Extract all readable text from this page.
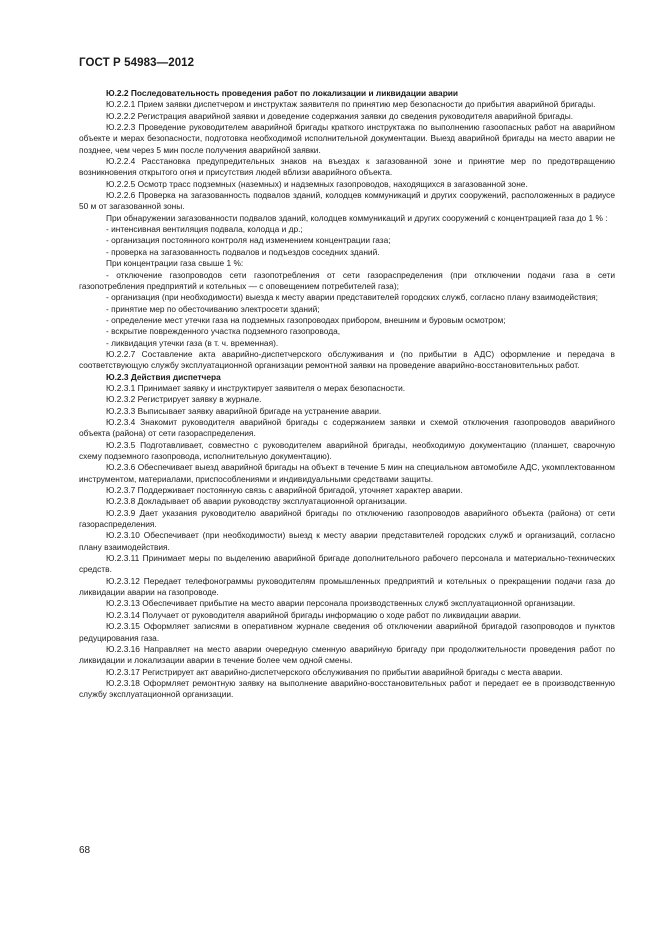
ГОСТ Р 54983—2012

Ю.2.2 Последовательность проведения работ по локализации и ликвидации аварии

Ю.2.2.1 Прием заявки диспетчером и инструктаж заявителя по принятию мер безопасности до прибытия аварийной бригады.

Ю.2.2.2 Регистрация аварийной заявки и доведение содержания заявки до сведения руководителя аварийной бригады.

Ю.2.2.3 Проведение руководителем аварийной бригады краткого инструктажа по выполнению газоопасных работ на аварийном объекте и мерах безопасности, подготовка необходимой исполнительной документации. Выезд аварийной бригады на место аварии не позднее, чем через 5 мин после получения аварийной заявки.

Ю.2.2.4 Расстановка предупредительных знаков на въездах к загазованной зоне и принятие мер по предотвращению возникновения открытого огня и присутствия людей вблизи аварийного объекта.

Ю.2.2.5 Осмотр трасс подземных (наземных) и надземных газопроводов, находящихся в загазованной зоне.

Ю.2.2.6 Проверка на загазованность подвалов зданий, колодцев коммуникаций и других сооружений, расположенных в радиусе 50 м от загазованной зоны.

При обнаружении загазованности подвалов зданий, колодцев коммуникаций и других сооружений с концентрацией газа до 1 % :

- интенсивная вентиляция подвала, колодца и др.;

- организация постоянного контроля над изменением концентрации газа;

- проверка на загазованность подвалов и подъездов соседних зданий.

При концентрации газа свыше 1 %:

- отключение газопроводов сети газопотребления от сети газораспределения (при отключении подачи газа в сети газопотребления предприятий и котельных — с оповещением потребителей газа);

- организация (при необходимости) выезда к месту аварии представителей городских служб, согласно плану взаимодействия;

- принятие мер по обесточиванию электросети зданий;

- определение мест утечки газа на подземных газопроводах прибором, внешним и буровым осмотром;

- вскрытие поврежденного участка подземного газопровода,

- ликвидация утечки газа (в т. ч. временная).

Ю.2.2.7 Составление акта аварийно-диспетчерского обслуживания и (по прибытии в АДС) оформление и передача в соответствующую службу эксплуатационной организации ремонтной заявки на проведение аварийно-восстановительных работ.

Ю.2.3 Действия диспетчера

Ю.2.3.1 Принимает заявку и инструктирует заявителя о мерах безопасности.

Ю.2.3.2 Регистрирует заявку в журнале.

Ю.2.3.3 Выписывает заявку аварийной бригаде на устранение аварии.

Ю.2.3.4 Знакомит руководителя аварийной бригады с содержанием заявки и схемой отключения газопроводов аварийного объекта (района) от сети газораспределения.

Ю.2.3.5 Подготавливает, совместно с руководителем аварийной бригады, необходимую документацию (планшет, сварочную схему подземного газопровода, исполнительную документацию).

Ю.2.3.6 Обеспечивает выезд аварийной бригады на объект в течение 5 мин на специальном автомобиле АДС, укомплектованном инструментом, материалами, приспособлениями и индивидуальными средствами защиты.

Ю.2.3.7 Поддерживает постоянную связь с аварийной бригадой, уточняет характер аварии.

Ю.2.3.8 Докладывает об аварии руководству эксплуатационной организации.

Ю.2.3.9 Дает указания руководителю аварийной бригады по отключению газопроводов аварийного объекта (района) от сети газораспределения.

Ю.2.3.10 Обеспечивает (при необходимости) выезд к месту аварии представителей городских служб и организаций, согласно плану взаимодействия.

Ю.2.3.11 Принимает меры по выделению аварийной бригаде дополнительного рабочего персонала и материально-технических средств.

Ю.2.3.12 Передает телефонограммы руководителям промышленных предприятий и котельных о прекращении подачи газа до ликвидации аварии на газопроводе.

Ю.2.3.13 Обеспечивает прибытие на место аварии персонала производственных служб эксплуатационной организации.

Ю.2.3.14 Получает от руководителя аварийной бригады информацию о ходе работ по ликвидации аварии.

Ю.2.3.15 Оформляет записями в оперативном журнале сведения об отключении аварийной бригадой газопроводов и пунктов редуцирования газа.

Ю.2.3.16 Направляет на место аварии очередную сменную аварийную бригаду при продолжительности проведения работ по ликвидации и локализации аварии в течение более чем одной смены.

Ю.2.3.17 Регистрирует акт аварийно-диспетчерского обслуживания по прибытии аварийной бригады с места аварии.

Ю.2.3.18 Оформляет ремонтную заявку на выполнение аварийно-восстановительных работ и передает ее в производственную службу эксплуатационной организации.

68
